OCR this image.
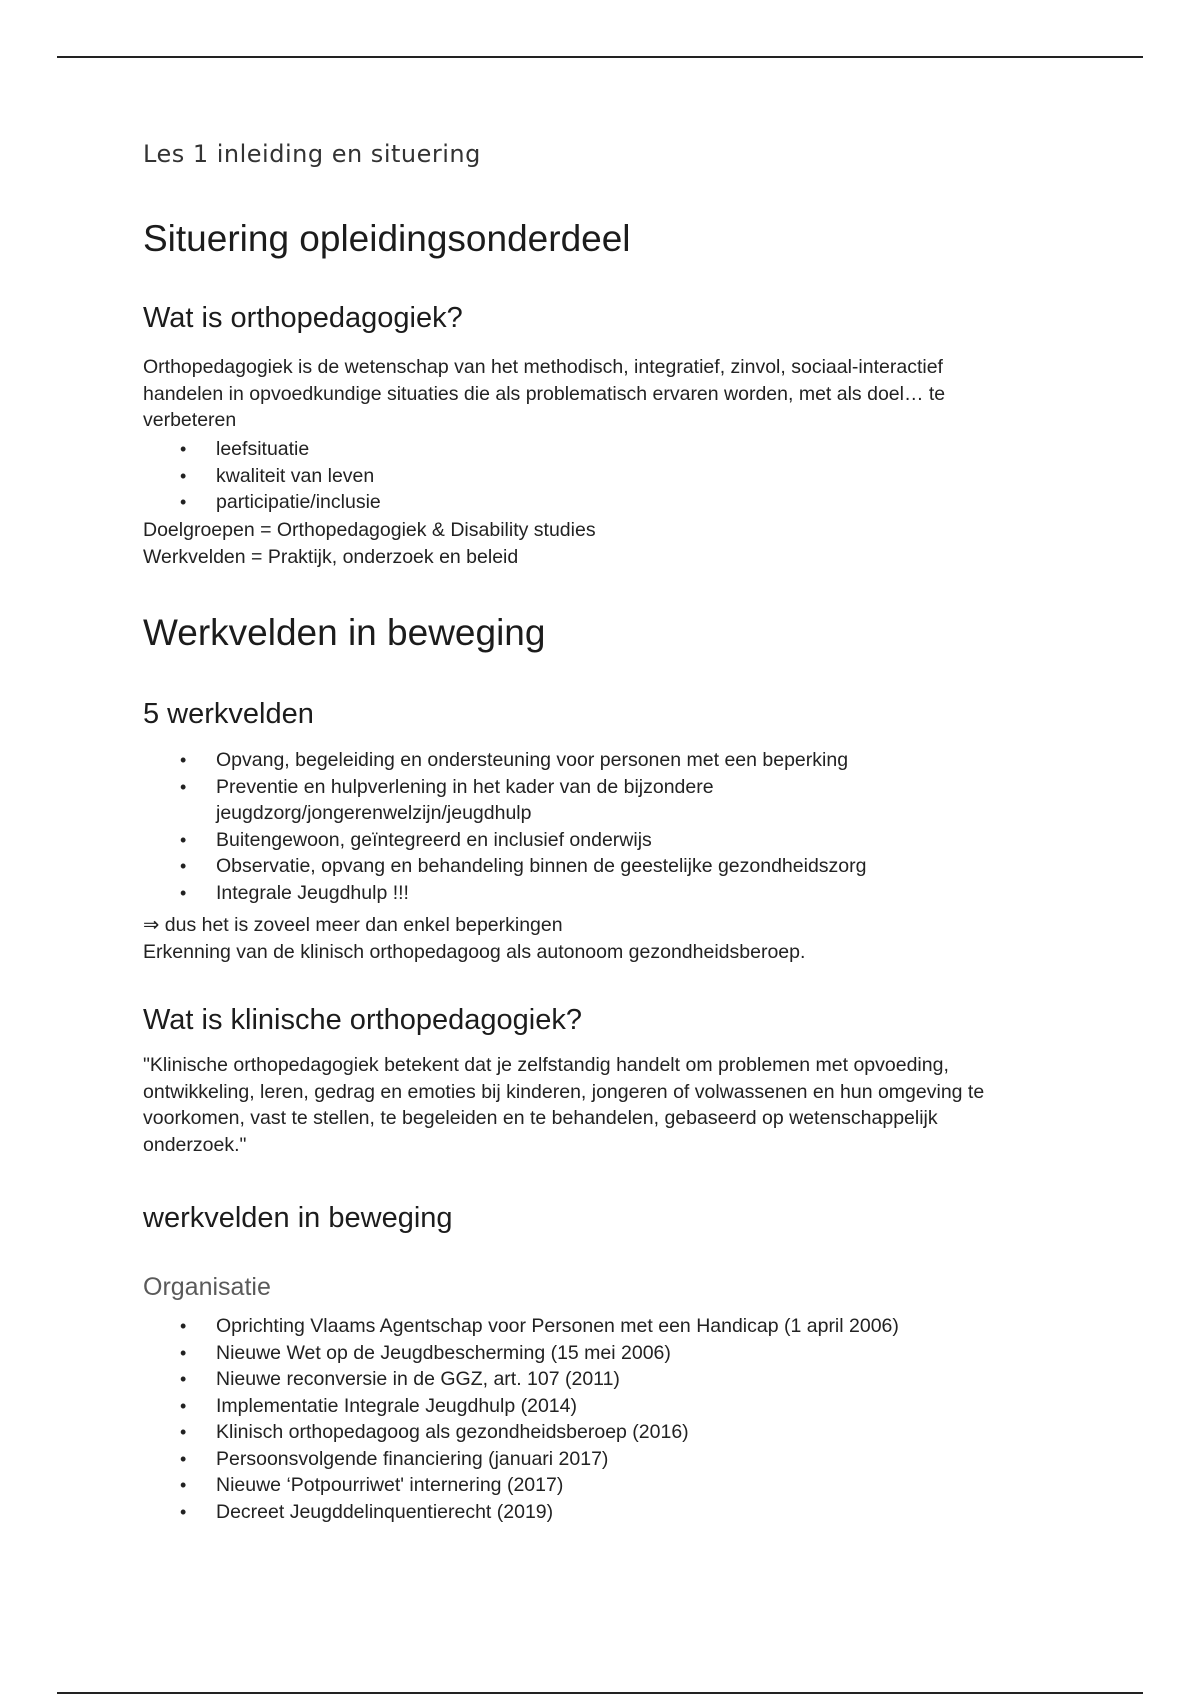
Les 1 inleiding en situering
Situering opleidingsonderdeel
Wat is orthopedagogiek?
Orthopedagogiek is de wetenschap van het methodisch, integratief, zinvol, sociaal-interactief
handelen in opvoedkundige situaties die als problematisch ervaren worden, met als doel… te
verbeteren
• leefsituatie
• kwaliteit van leven
• participatie/inclusie
Doelgroepen = Orthopedagogiek & Disability studies
Werkvelden = Praktijk, onderzoek en beleid
Werkvelden in beweging
5 werkvelden
• Opvang, begeleiding en ondersteuning voor personen met een beperking
• Preventie en hulpverlening in het kader van de bijzondere
jeugdzorg/jongerenwelzijn/jeugdhulp
• Buitengewoon, geïntegreerd en inclusief onderwijs
• Observatie, opvang en behandeling binnen de geestelijke gezondheidszorg
• Integrale Jeugdhulp !!!
⇒ dus het is zoveel meer dan enkel beperkingen
Erkenning van de klinisch orthopedagoog als autonoom gezondheidsberoep.
Wat is klinische orthopedagogiek?
"Klinische orthopedagogiek betekent dat je zelfstandig handelt om problemen met opvoeding,
ontwikkeling, leren, gedrag en emoties bij kinderen, jongeren of volwassenen en hun omgeving te
voorkomen, vast te stellen, te begeleiden en te behandelen, gebaseerd op wetenschappelijk
onderzoek."
werkvelden in beweging
Organisatie
• Oprichting Vlaams Agentschap voor Personen met een Handicap (1 april 2006)
• Nieuwe Wet op de Jeugdbescherming (15 mei 2006)
• Nieuwe reconversie in de GGZ, art. 107 (2011)
• Implementatie Integrale Jeugdhulp (2014)
• Klinisch orthopedagoog als gezondheidsberoep (2016)
• Persoonsvolgende financiering (januari 2017)
• Nieuwe ‘Potpourriwet' internering (2017)
• Decreet Jeugddelinquentierecht (2019)
